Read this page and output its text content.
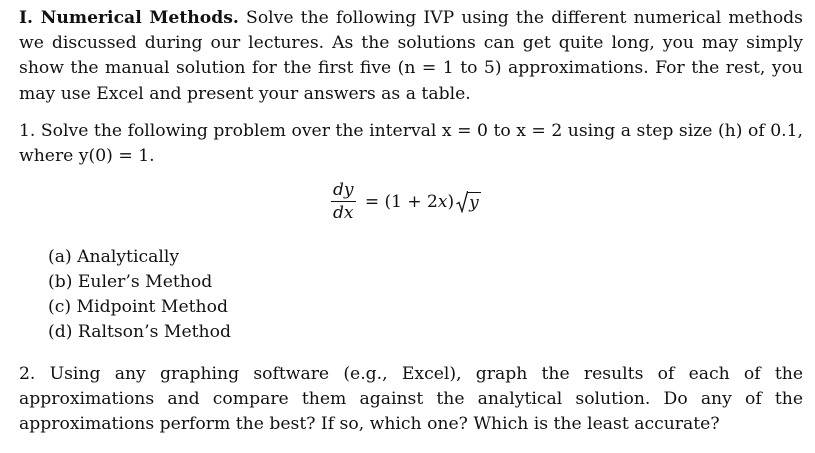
I. Numerical Methods. Solve the following IVP using the different numerical methods we discussed during our lectures. As the solutions can get quite long, you may simply show the manual solution for the first five (n = 1 to 5) approximations. For the rest, you may use Excel and present your answers as a table.

1. Solve the following problem over the interval x = 0 to x = 2 using a step size (h) of 0.1, where y(0) = 1.

$\frac{dy}{dx} = (1 + 2$ x ) y
(a) Analytically
(b) Euler’s Method
(c) Midpoint Method
(d) Raltson’s Method

2. Using any graphing software (e.g., Excel), graph the results of each of the approximations and compare them against the analytical solution. Do any of the approximations perform the best? If so, which one? Which is the least accurate?
